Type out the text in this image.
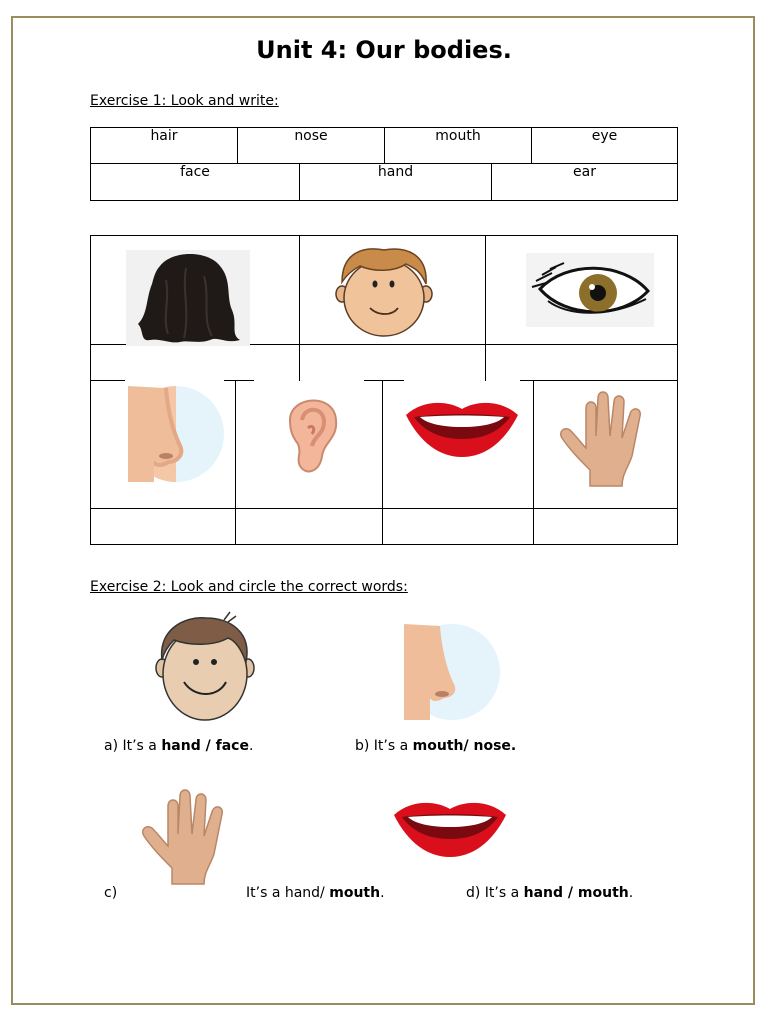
Unit 4: Our bodies.
Exercise 1: Look and write:
hair	nose	mouth	eye
face	hand	ear
Exercise 2: Look and circle the correct words:
a) It’s a hand / face.	b) It’s a mouth/ nose.
c)	It’s a hand/ mouth.	d) It’s a hand / mouth.
